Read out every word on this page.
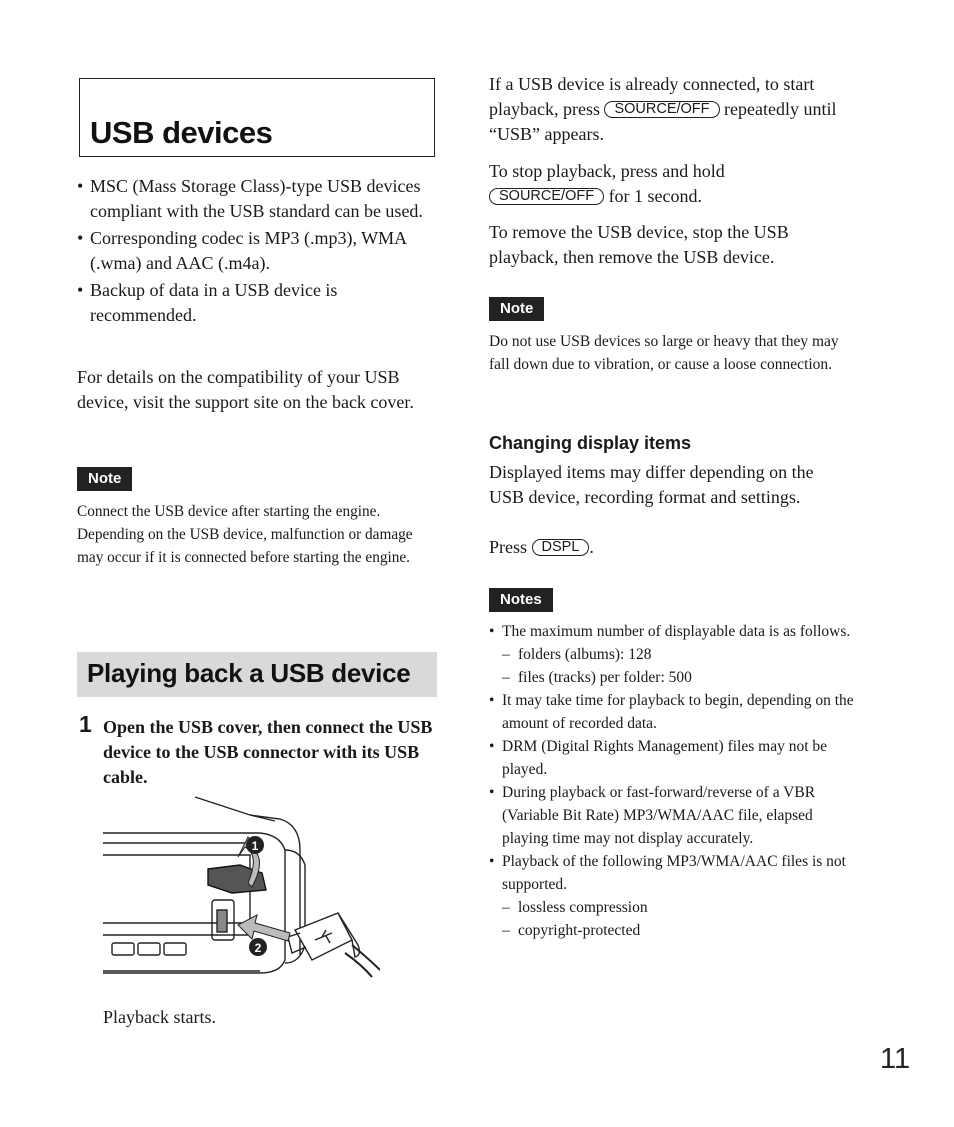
USB devices
• MSC (Mass Storage Class)-type USB devices compliant with the USB standard can be used.
• Corresponding codec is MP3 (.mp3), WMA (.wma) and AAC (.m4a).
• Backup of data in a USB device is recommended.

For details on the compatibility of your USB device, visit the support site on the back cover.

Note

Connect the USB device after starting the engine. Depending on the USB device, malfunction or damage may occur if it is connected before starting the engine.

Playing back a USB device
1 Open the USB cover, then connect the USB device to the USB connector with its USB cable.

1
2

Playback starts.

If a USB device is already connected, to start playback, press SOURCE/OFF repeatedly until “USB” appears.

To stop playback, press and hold
SOURCE/OFF for 1 second.

To remove the USB device, stop the USB playback, then remove the USB device.

Note

Do not use USB devices so large or heavy that they may fall down due to vibration, or cause a loose connection.

Changing display items

Displayed items may differ depending on the USB device, recording format and settings.

Press DSPL .

Notes
• The maximum number of displayable data is as follows.
– folders (albums): 128
– files (tracks) per folder: 500
• It may take time for playback to begin, depending on the amount of recorded data.
• DRM (Digital Rights Management) files may not be played.
• During playback or fast-forward/reverse of a VBR (Variable Bit Rate) MP3/WMA/AAC file, elapsed playing time may not display accurately.
• Playback of the following MP3/WMA/AAC files is not supported.
– lossless compression
– copyright-protected
11
